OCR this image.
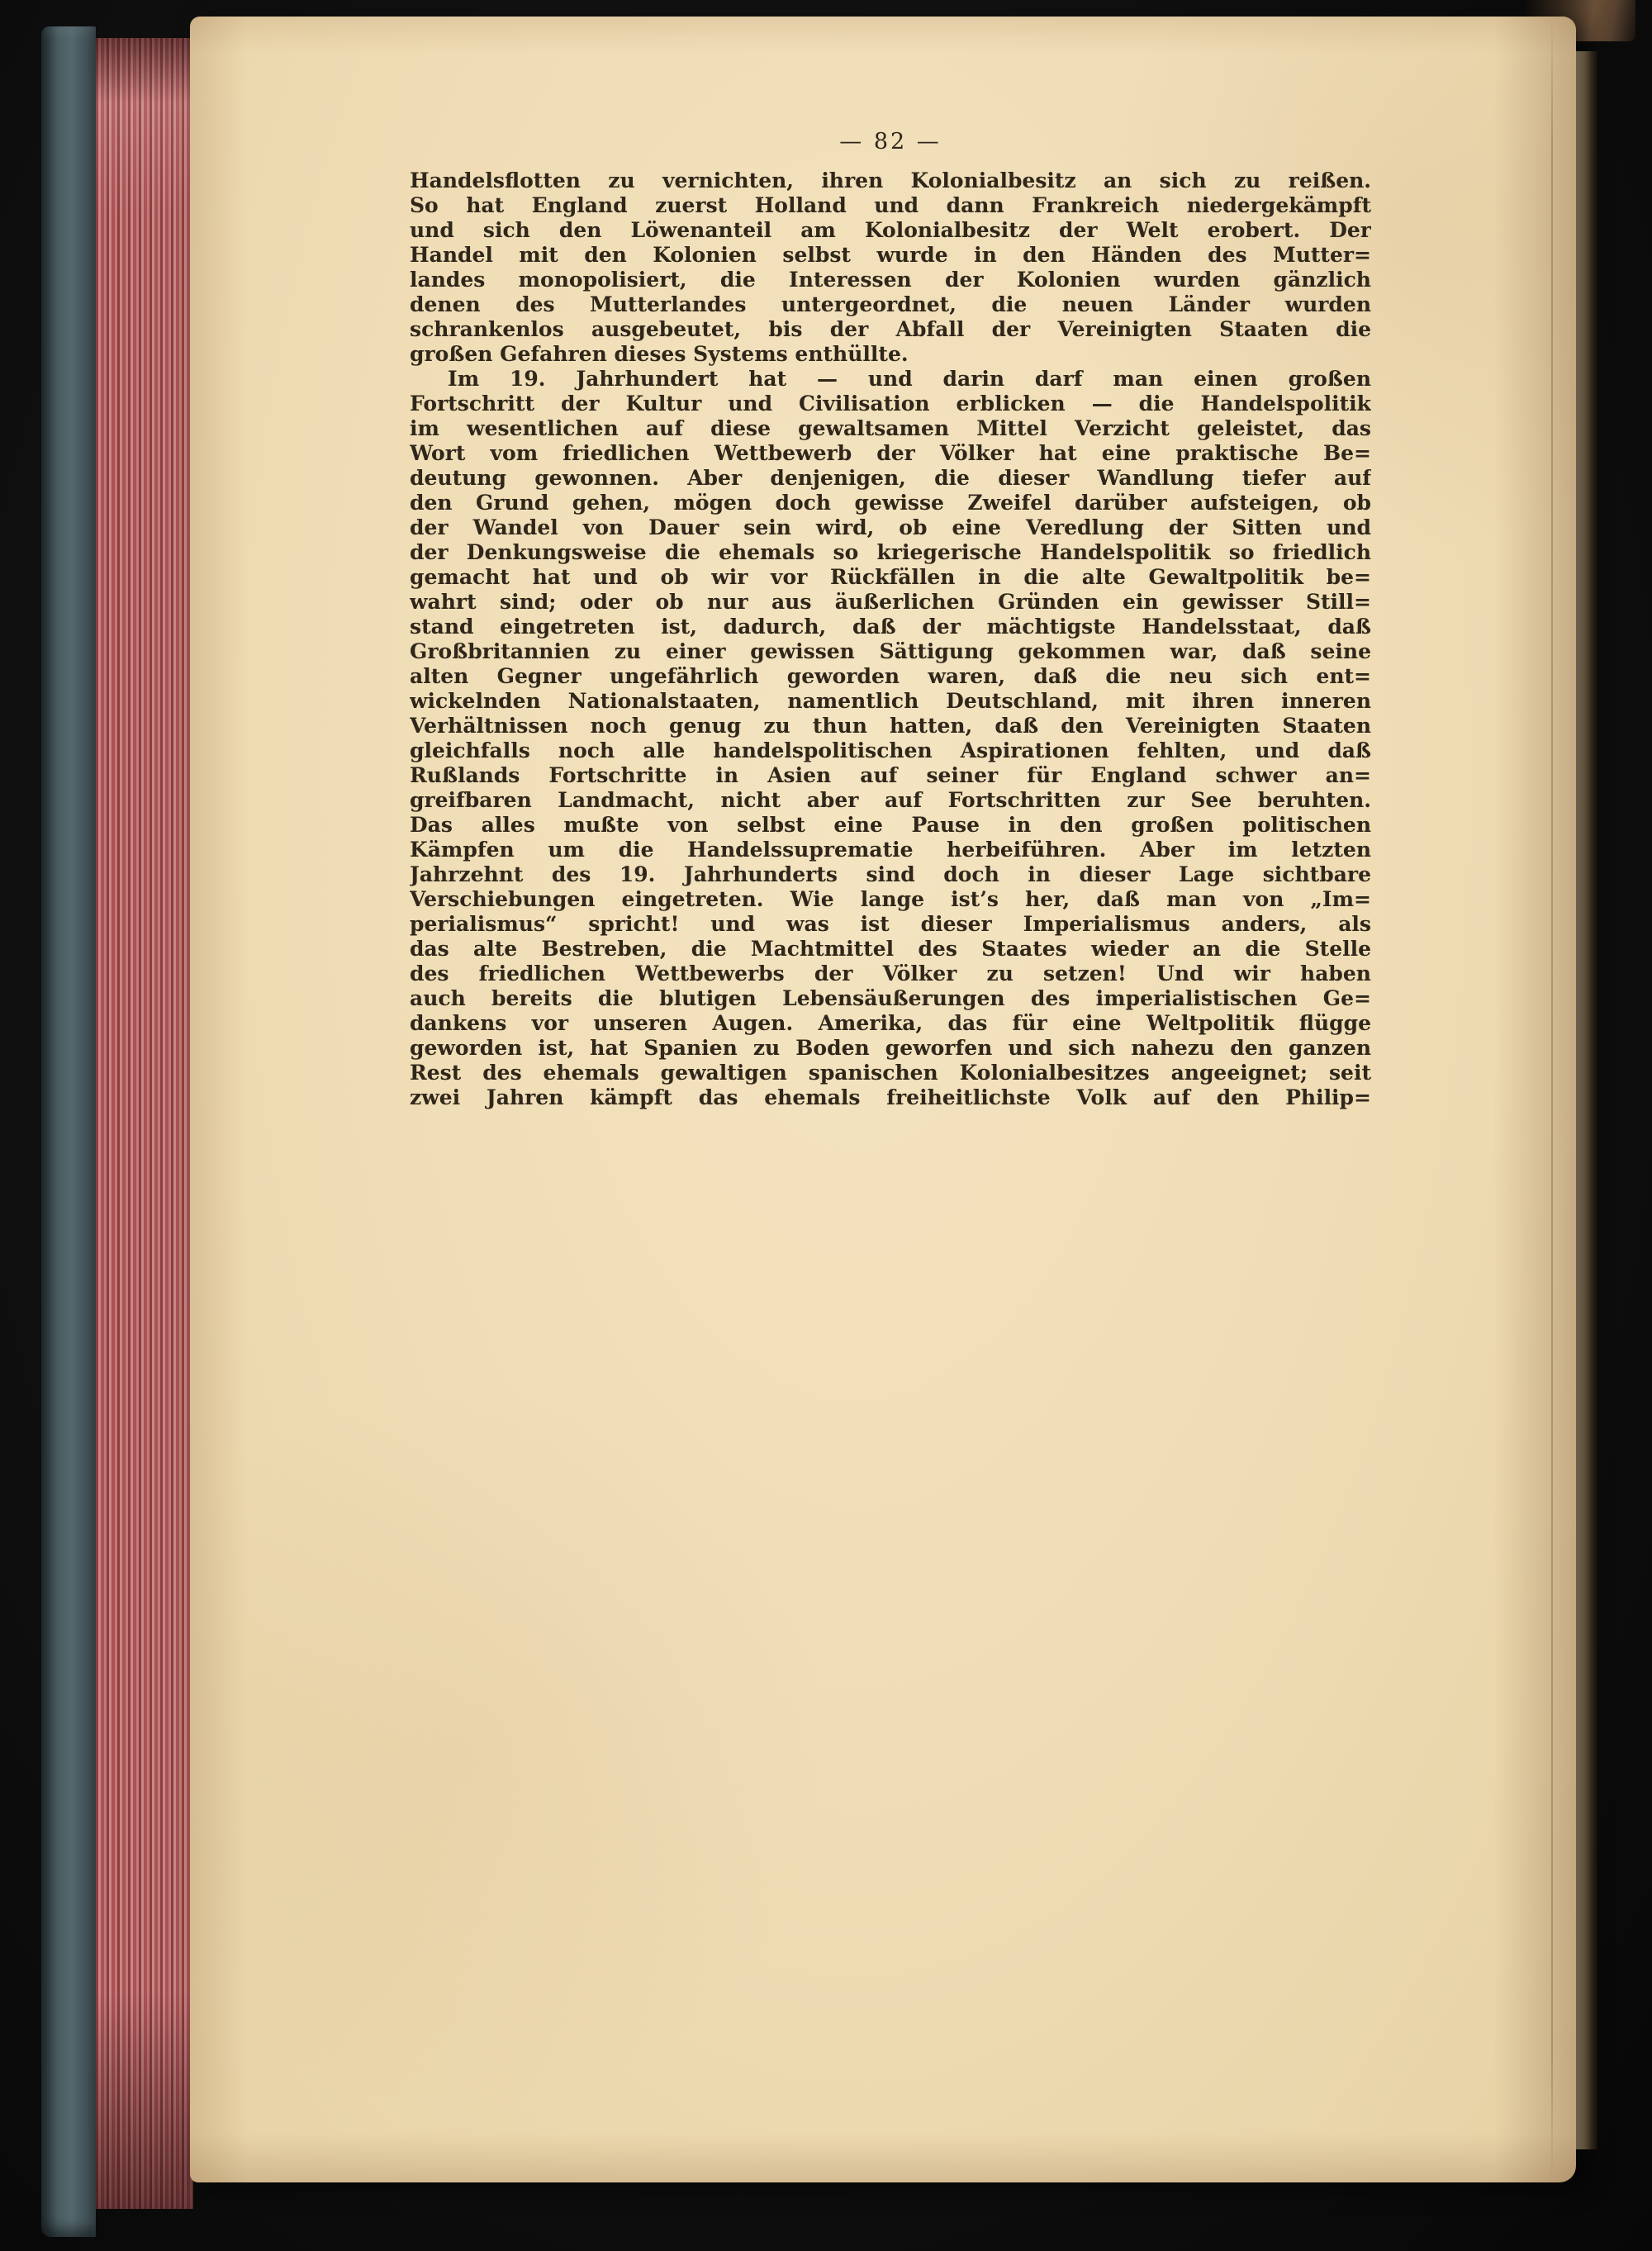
— 82 —
Handelsflotten zu vernichten, ihren Kolonialbesitz an sich zu reißen.
So hat England zuerst Holland und dann Frankreich niedergekämpft
und sich den Löwenanteil am Kolonialbesitz der Welt erobert. Der
Handel mit den Kolonien selbst wurde in den Händen des Mutter=
landes monopolisiert, die Interessen der Kolonien wurden gänzlich
denen des Mutterlandes untergeordnet, die neuen Länder wurden
schrankenlos ausgebeutet, bis der Abfall der Vereinigten Staaten die
großen Gefahren dieses Systems enthüllte.
Im 19. Jahrhundert hat — und darin darf man einen großen
Fortschritt der Kultur und Civilisation erblicken — die Handelspolitik
im wesentlichen auf diese gewaltsamen Mittel Verzicht geleistet, das
Wort vom friedlichen Wettbewerb der Völker hat eine praktische Be=
deutung gewonnen. Aber denjenigen, die dieser Wandlung tiefer auf
den Grund gehen, mögen doch gewisse Zweifel darüber aufsteigen, ob
der Wandel von Dauer sein wird, ob eine Veredlung der Sitten und
der Denkungsweise die ehemals so kriegerische Handelspolitik so friedlich
gemacht hat und ob wir vor Rückfällen in die alte Gewaltpolitik be=
wahrt sind; oder ob nur aus äußerlichen Gründen ein gewisser Still=
stand eingetreten ist, dadurch, daß der mächtigste Handelsstaat, daß
Großbritannien zu einer gewissen Sättigung gekommen war, daß seine
alten Gegner ungefährlich geworden waren, daß die neu sich ent=
wickelnden Nationalstaaten, namentlich Deutschland, mit ihren inneren
Verhältnissen noch genug zu thun hatten, daß den Vereinigten Staaten
gleichfalls noch alle handelspolitischen Aspirationen fehlten, und daß
Rußlands Fortschritte in Asien auf seiner für England schwer an=
greifbaren Landmacht, nicht aber auf Fortschritten zur See beruhten.
Das alles mußte von selbst eine Pause in den großen politischen
Kämpfen um die Handelssuprematie herbeiführen. Aber im letzten
Jahrzehnt des 19. Jahrhunderts sind doch in dieser Lage sichtbare
Verschiebungen eingetreten. Wie lange ist’s her, daß man von „Im=
perialismus“ spricht! und was ist dieser Imperialismus anders, als
das alte Bestreben, die Machtmittel des Staates wieder an die Stelle
des friedlichen Wettbewerbs der Völker zu setzen! Und wir haben
auch bereits die blutigen Lebensäußerungen des imperialistischen Ge=
dankens vor unseren Augen. Amerika, das für eine Weltpolitik flügge
geworden ist, hat Spanien zu Boden geworfen und sich nahezu den ganzen
Rest des ehemals gewaltigen spanischen Kolonialbesitzes angeeignet; seit
zwei Jahren kämpft das ehemals freiheitlichste Volk auf den Philip=
